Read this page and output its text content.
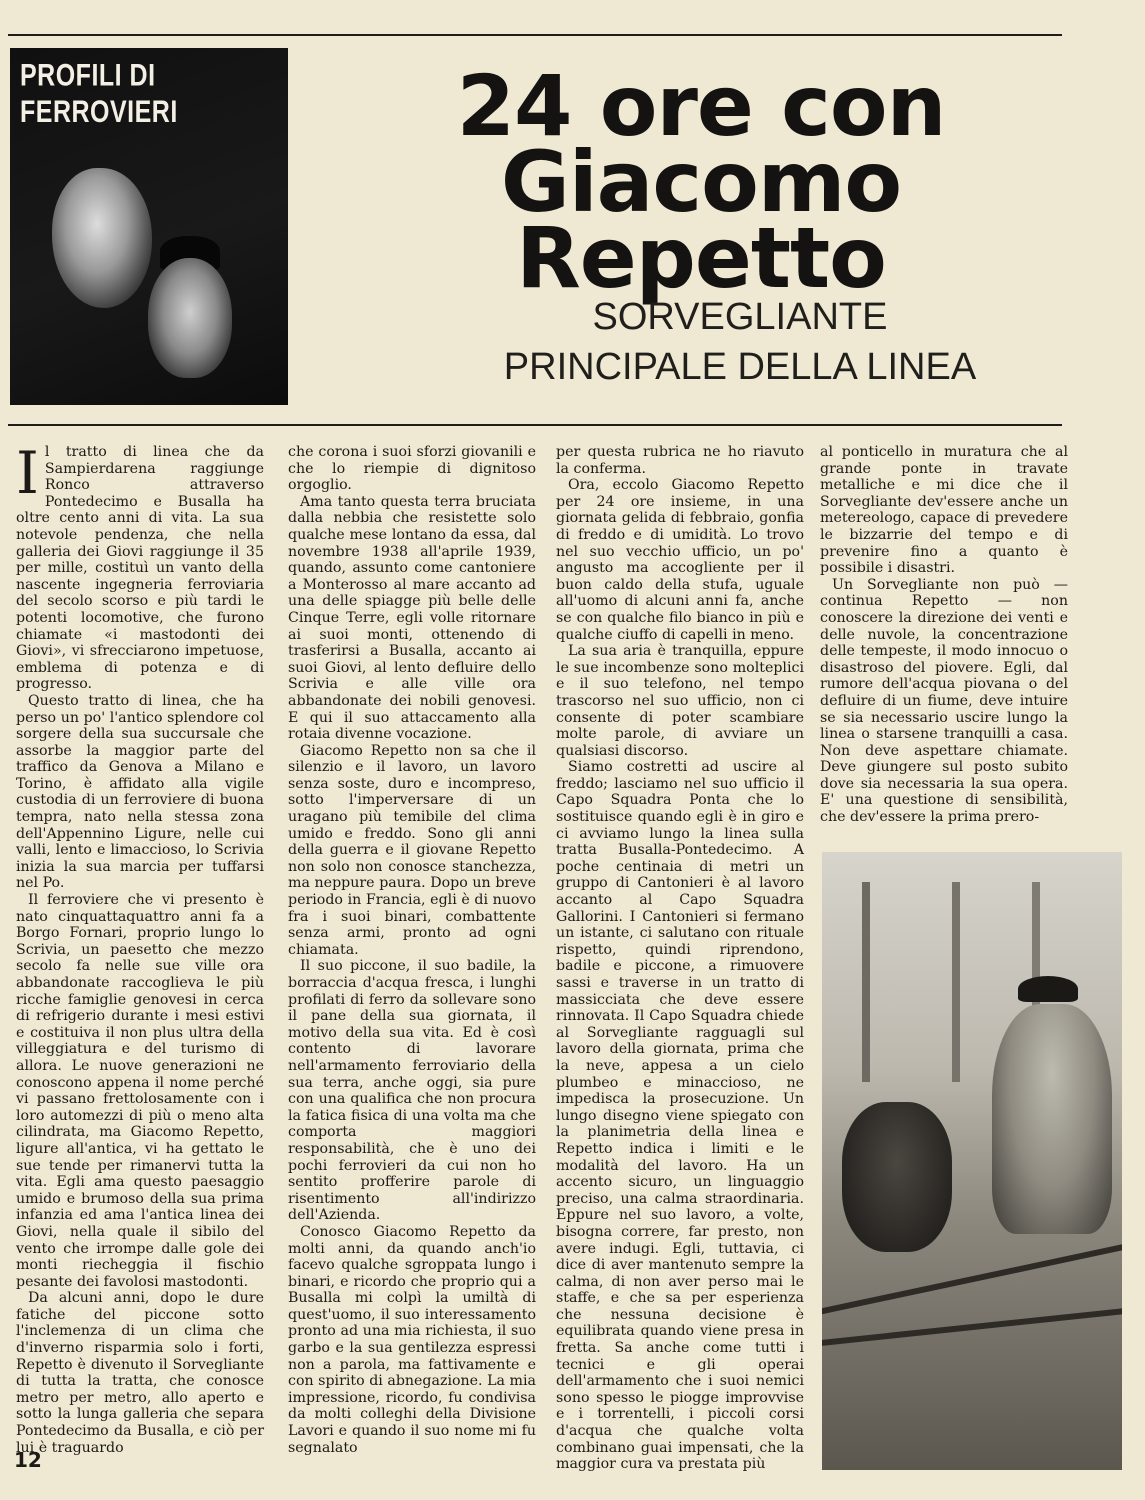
PROFILI DI FERROVIERI	24 ore con
Giacomo
Repetto
SORVEGLIANTE
PRINCIPALE DELLA LINEA

Il tratto di linea che da Sampierdarena raggiunge Ronco attraverso Pontedecimo e Busalla ha oltre cento anni di vita. La sua notevole pendenza, che nella galleria dei Giovi raggiunge il 35 per mille, costituì un vanto della nascente ingegneria ferroviaria del secolo scorso e più tardi le potenti locomotive, che furono chiamate «i mastodonti dei Giovi», vi sfrecciarono impetuose, emblema di potenza e di progresso.

Questo tratto di linea, che ha perso un po' l'antico splendore col sorgere della sua succursale che assorbe la maggior parte del traffico da Genova a Milano e Torino, è affidato alla vigile custodia di un ferroviere di buona tempra, nato nella stessa zona dell'Appennino Ligure, nelle cui valli, lento e limaccioso, lo Scrivia inizia la sua marcia per tuffarsi nel Po.

Il ferroviere che vi presento è nato cinquattaquattro anni fa a Borgo Fornari, proprio lungo lo Scrivia, un paesetto che mezzo secolo fa nelle sue ville ora abbandonate raccoglieva le più ricche famiglie genovesi in cerca di refrigerio durante i mesi estivi e costituiva il non plus ultra della villeggiatura e del turismo di allora. Le nuove generazioni ne conoscono appena il nome perché vi passano frettolosamente con i loro automezzi di più o meno alta cilindrata, ma Giacomo Repetto, ligure all'antica, vi ha gettato le sue tende per rimanervi tutta la vita. Egli ama questo paesaggio umido e brumoso della sua prima infanzia ed ama l'antica linea dei Giovi, nella quale il sibilo del vento che irrompe dalle gole dei monti riecheggia il fischio pesante dei favolosi mastodonti.

Da alcuni anni, dopo le dure fatiche del piccone sotto l'inclemenza di un clima che d'inverno risparmia solo i forti, Repetto è divenuto il Sorvegliante di tutta la tratta, che conosce metro per metro, allo aperto e sotto la lunga galleria che separa Pontedecimo da Busalla, e ciò per lui è traguardo

che corona i suoi sforzi giovanili e che lo riempie di dignitoso orgoglio.

Ama tanto questa terra bruciata dalla nebbia che resistette solo qualche mese lontano da essa, dal novembre 1938 all'aprile 1939, quando, assunto come cantoniere a Monterosso al mare accanto ad una delle spiagge più belle delle Cinque Terre, egli volle ritornare ai suoi monti, ottenendo di trasferirsi a Busalla, accanto ai suoi Giovi, al lento defluire dello Scrivia e alle ville ora abbandonate dei nobili genovesi. E qui il suo attaccamento alla rotaia divenne vocazione.

Giacomo Repetto non sa che il silenzio e il lavoro, un lavoro senza soste, duro e incompreso, sotto l'imperversare di un uragano più temibile del clima umido e freddo. Sono gli anni della guerra e il giovane Repetto non solo non conosce stanchezza, ma neppure paura. Dopo un breve periodo in Francia, egli è di nuovo fra i suoi binari, combattente senza armi, pronto ad ogni chiamata.

Il suo piccone, il suo badile, la borraccia d'acqua fresca, i lunghi profilati di ferro da sollevare sono il pane della sua giornata, il motivo della sua vita. Ed è così contento di lavorare nell'armamento ferroviario della sua terra, anche oggi, sia pure con una qualifica che non procura la fatica fisica di una volta ma che comporta maggiori responsabilità, che è uno dei pochi ferrovieri da cui non ho sentito profferire parole di risentimento all'indirizzo dell'Azienda.

Conosco Giacomo Repetto da molti anni, da quando anch'io facevo qualche sgroppata lungo i binari, e ricordo che proprio qui a Busalla mi colpì la umiltà di quest'uomo, il suo interessamento pronto ad una mia richiesta, il suo garbo e la sua gentilezza espressi non a parola, ma fattivamente e con spirito di abnegazione. La mia impressione, ricordo, fu condivisa da molti colleghi della Divisione Lavori e quando il suo nome mi fu segnalato

per questa rubrica ne ho riavuto la conferma.

Ora, eccolo Giacomo Repetto per 24 ore insieme, in una giornata gelida di febbraio, gonfia di freddo e di umidità. Lo trovo nel suo vecchio ufficio, un po' angusto ma accogliente per il buon caldo della stufa, uguale all'uomo di alcuni anni fa, anche se con qualche filo bianco in più e qualche ciuffo di capelli in meno.

La sua aria è tranquilla, eppure le sue incombenze sono molteplici e il suo telefono, nel tempo trascorso nel suo ufficio, non ci consente di poter scambiare molte parole, di avviare un qualsiasi discorso.

Siamo costretti ad uscire al freddo; lasciamo nel suo ufficio il Capo Squadra Ponta che lo sostituisce quando egli è in giro e ci avviamo lungo la linea sulla tratta Busalla-Pontedecimo. A poche centinaia di metri un gruppo di Cantonieri è al lavoro accanto al Capo Squadra Gallorini. I Cantonieri si fermano un istante, ci salutano con rituale rispetto, quindi riprendono, badile e piccone, a rimuovere sassi e traverse in un tratto di massicciata che deve essere rinnovata. Il Capo Squadra chiede al Sorvegliante ragguagli sul lavoro della giornata, prima che la neve, appesa a un cielo plumbeo e minaccioso, ne impedisca la prosecuzione. Un lungo disegno viene spiegato con la planimetria della linea e Repetto indica i limiti e le modalità del lavoro. Ha un accento sicuro, un linguaggio preciso, una calma straordinaria. Eppure nel suo lavoro, a volte, bisogna correre, far presto, non avere indugi. Egli, tuttavia, ci dice di aver mantenuto sempre la calma, di non aver perso mai le staffe, e che sa per esperienza che nessuna decisione è equilibrata quando viene presa in fretta. Sa anche come tutti i tecnici e gli operai dell'armamento che i suoi nemici sono spesso le piogge improvvise e i torrentelli, i piccoli corsi d'acqua che qualche volta combinano guai impensati, che la maggior cura va prestata più

al ponticello in muratura che al grande ponte in travate metalliche e mi dice che il Sorvegliante dev'essere anche un metereologo, capace di prevedere le bizzarrie del tempo e di prevenire fino a quanto è possibile i disastri.

Un Sorvegliante non può — continua Repetto — non conoscere la direzione dei venti e delle nuvole, la concentrazione delle tempeste, il modo innocuo o disastroso del piovere. Egli, dal rumore dell'acqua piovana o del defluire di un fiume, deve intuire se sia necessario uscire lungo la linea o starsene tranquilli a casa. Non deve aspettare chiamate. Deve giungere sul posto subito dove sia necessaria la sua opera. E' una questione di sensibilità, che dev'essere la prima prero-

12
